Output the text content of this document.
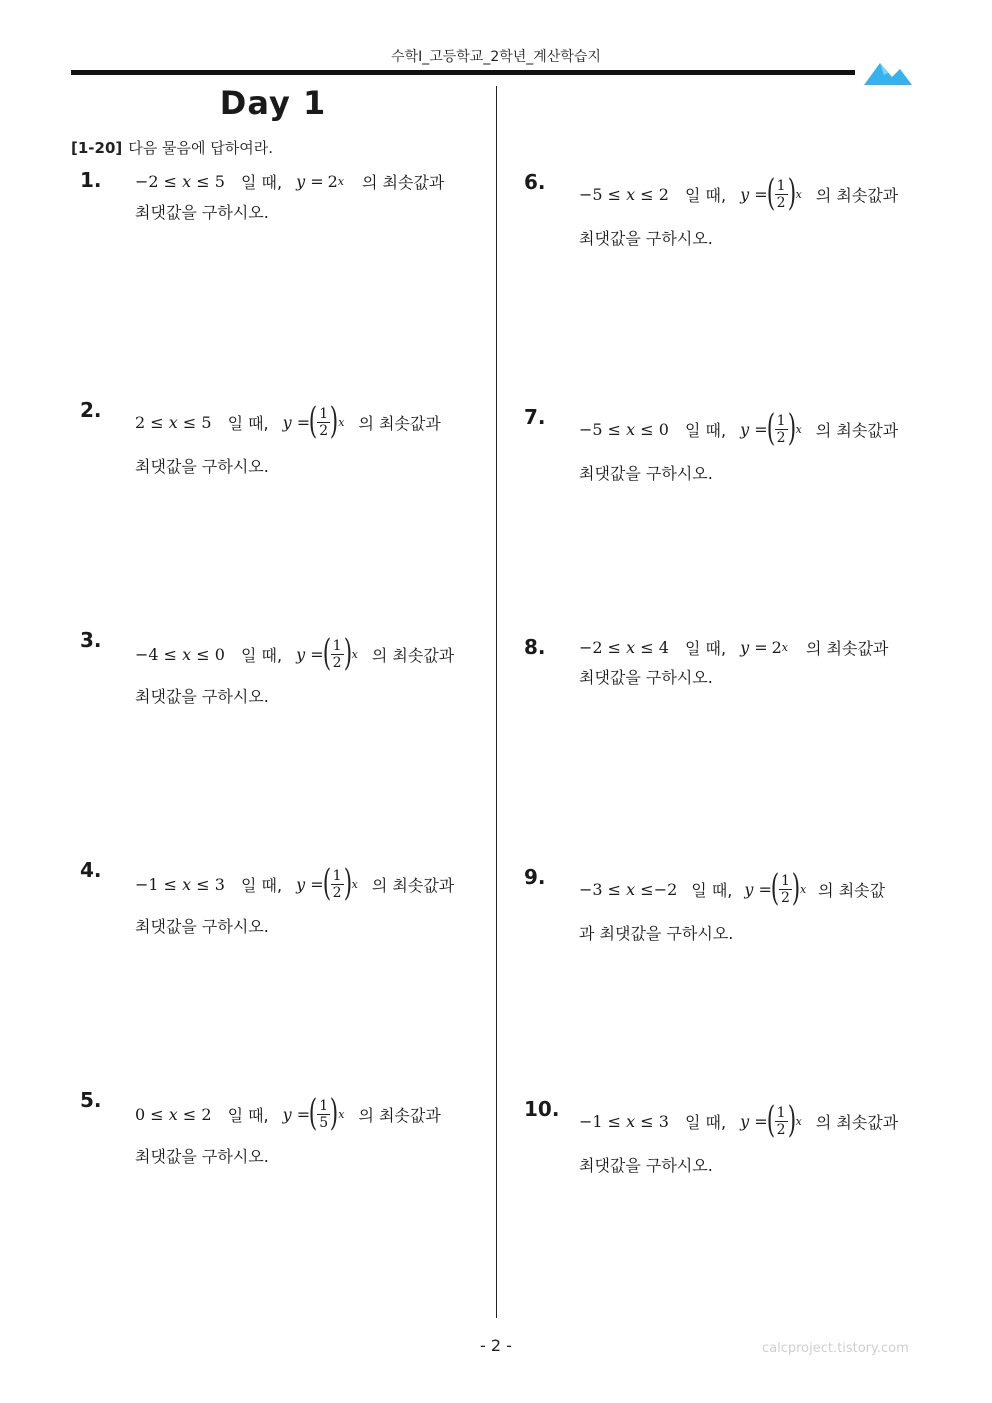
수학I_고등학교_2학년_계산학습지
Day 1
[1-20] 다음 물음에 답하여라.
1. −2 ≤ x ≤ 5 일 때, y = 2 x 의 최솟값과
최댓값을 구하시오.
2. 2 ≤ x ≤ 5 일 때, y =
( $\frac{1}{2}$ ) x 의 최솟값과
최댓값을 구하시오.
3.
−4 ≤ x ≤ 0 일 때, y =
( $\frac{1}{2}$ ) x 의 최솟값과
최댓값을 구하시오.
4.
−1 ≤ x ≤ 3 일 때, y =
( $\frac{1}{2}$ ) x 의 최솟값과
최댓값을 구하시오.
5.
0 ≤ x ≤ 2 일 때, y =
( $\frac{1}{5}$ ) x 의 최솟값과
최댓값을 구하시오.
6. −5 ≤ x ≤ 2 일 때, y =
( $\frac{1}{2}$ ) x 의 최솟값과
최댓값을 구하시오.
7. −5 ≤ x ≤ 0 일 때, y =
( $\frac{1}{2}$ ) x 의 최솟값과
최댓값을 구하시오.
8. −2 ≤ x ≤ 4 일 때, y = 2 x 의 최솟값과
최댓값을 구하시오.
9. −3 ≤ x ≤−2 일 때, y =
( $\frac{1}{2}$ ) x 의 최솟값
과 최댓값을 구하시오.
10. −1 ≤ x ≤ 3 일 때, y =
( $\frac{1}{2}$ ) x 의 최솟값과
최댓값을 구하시오.
- 2 -	calcproject.tistory.com
